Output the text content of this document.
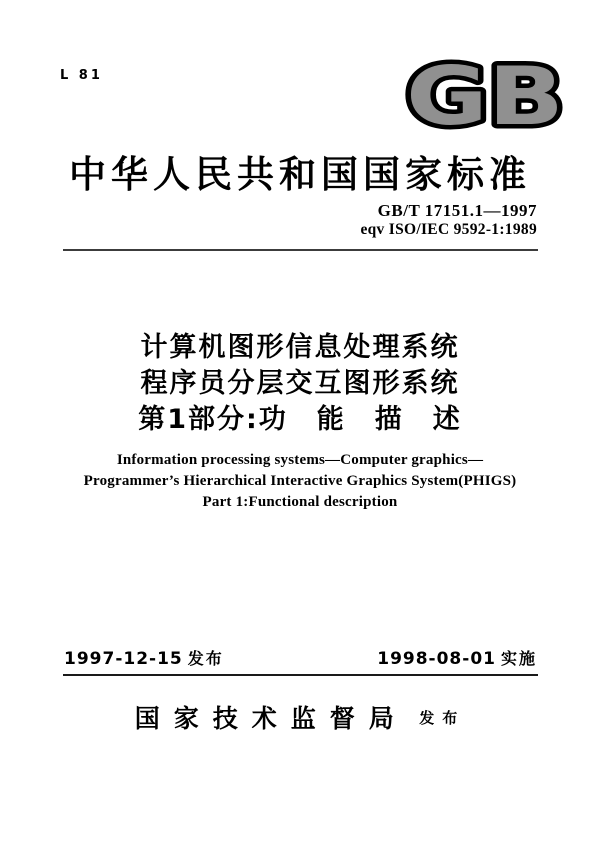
L 81	GB
中华人民共和国国家标准
GB/T 17151.1—1997
eqv ISO/IEC 9592-1:1989
计算机图形信息处理系统
程序员分层交互图形系统
第1部分:功　能　描　述
Information processing systems—Computer graphics—
Programmer’s Hierarchical Interactive Graphics System(PHIGS)
Part 1:Functional description
1997-12-15 发布	1998-08-01 实施
国家技术监督局 发布
